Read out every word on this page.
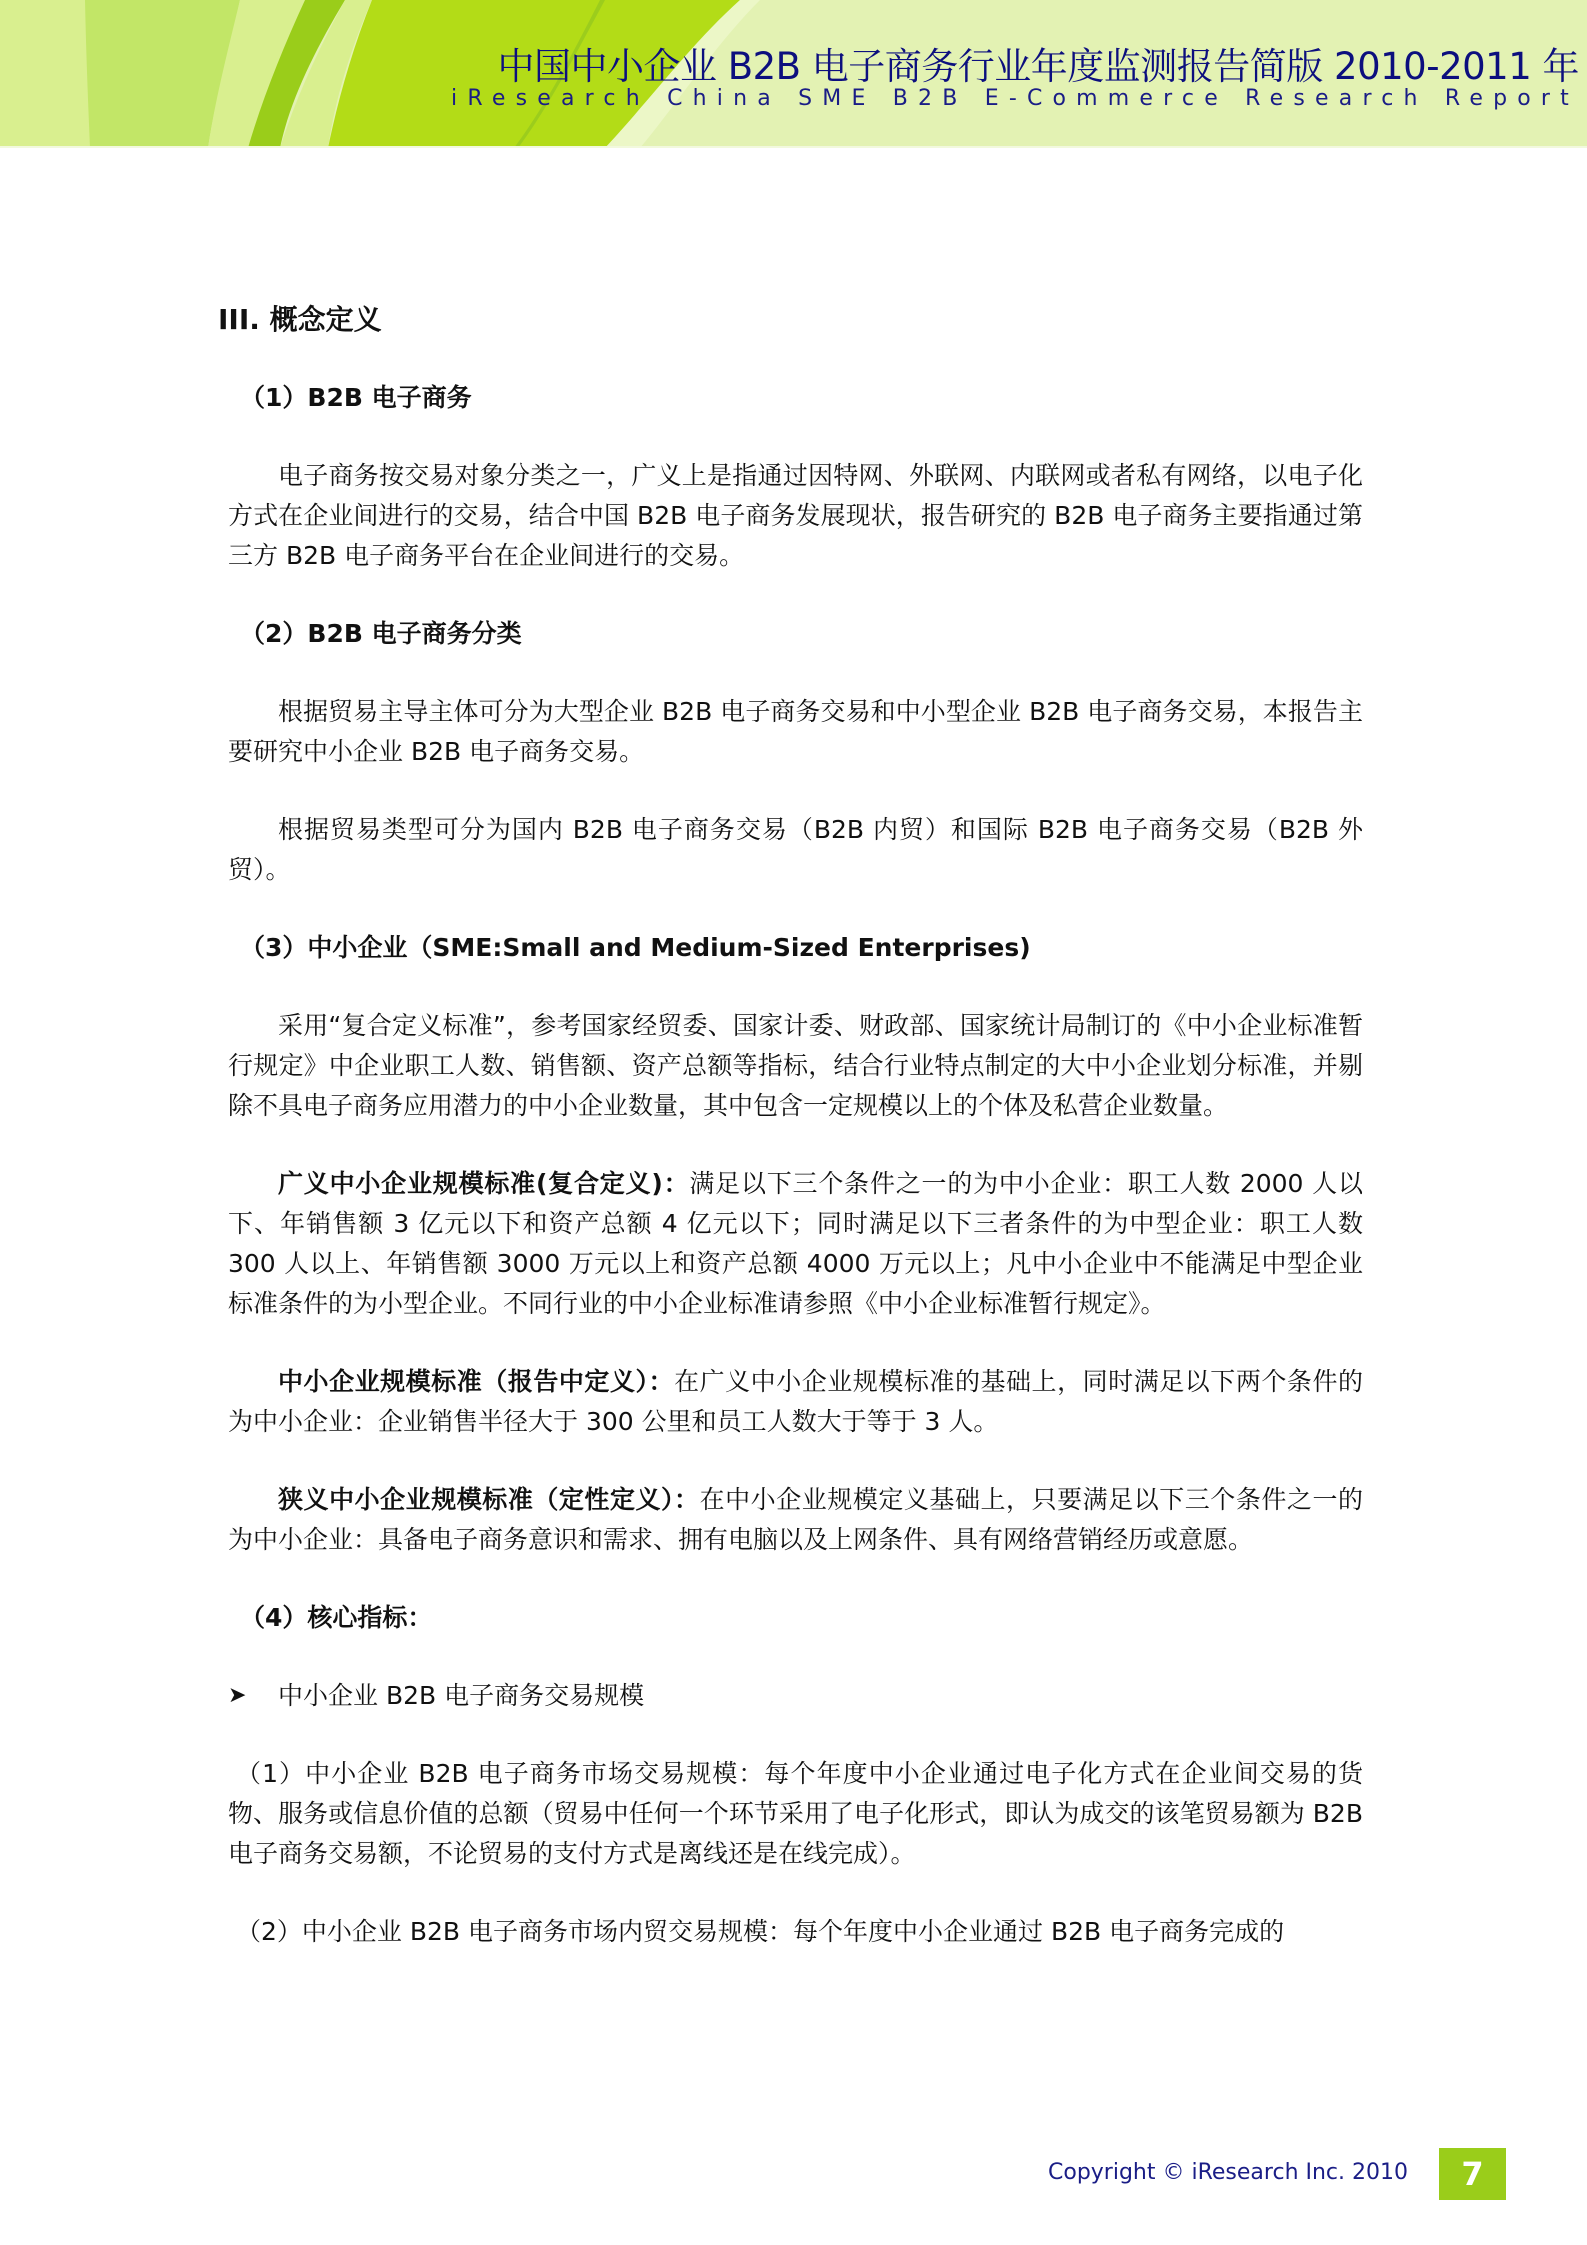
中国中小企业 B2B 电子商务行业年度监测报告简版 2010-2011 年
iResearch China SME B2B E-Commerce Research Report
III. 概念定义
（1）B2B 电子商务

电子商务按交易对象分类之一，广义上是指通过因特网、外联网、内联网或者私有网络，以电子化方式在企业间进行的交易，结合中国 B2B 电子商务发展现状，报告研究的 B2B 电子商务主要指通过第三方 B2B 电子商务平台在企业间进行的交易。

（2）B2B 电子商务分类

根据贸易主导主体可分为大型企业 B2B 电子商务交易和中小型企业 B2B 电子商务交易，本报告主要研究中小企业 B2B 电子商务交易。

根据贸易类型可分为国内 B2B 电子商务交易（B2B 内贸）和国际 B2B 电子商务交易（B2B 外贸）。

（3）中小企业（SME:Small and Medium-Sized Enterprises)

采用“复合定义标准”，参考国家经贸委、国家计委、财政部、国家统计局制订的《中小企业标准暂行规定》中企业职工人数、销售额、资产总额等指标，结合行业特点制定的大中小企业划分标准，并剔除不具电子商务应用潜力的中小企业数量，其中包含一定规模以上的个体及私营企业数量。

广义中小企业规模标准(复合定义)：满足以下三个条件之一的为中小企业：职工人数 2000 人以下、年销售额 3 亿元以下和资产总额 4 亿元以下；同时满足以下三者条件的为中型企业：职工人数 300 人以上、年销售额 3000 万元以上和资产总额 4000 万元以上；凡中小企业中不能满足中型企业标准条件的为小型企业。不同行业的中小企业标准请参照《中小企业标准暂行规定》。

中小企业规模标准（报告中定义）：在广义中小企业规模标准的基础上，同时满足以下两个条件的为中小企业：企业销售半径大于 300 公里和员工人数大于等于 3 人。

狭义中小企业规模标准（定性定义）：在中小企业规模定义基础上，只要满足以下三个条件之一的为中小企业：具备电子商务意识和需求、拥有电脑以及上网条件、具有网络营销经历或意愿。

（4）核心指标：
➤	中小企业 B2B 电子商务交易规模

（1）中小企业 B2B 电子商务市场交易规模：每个年度中小企业通过电子化方式在企业间交易的货物、服务或信息价值的总额（贸易中任何一个环节采用了电子化形式，即认为成交的该笔贸易额为 B2B 电子商务交易额，不论贸易的支付方式是离线还是在线完成）。

（2）中小企业 B2B 电子商务市场内贸交易规模：每个年度中小企业通过 B2B 电子商务完成的

Copyright © iResearch Inc. 2010	7
